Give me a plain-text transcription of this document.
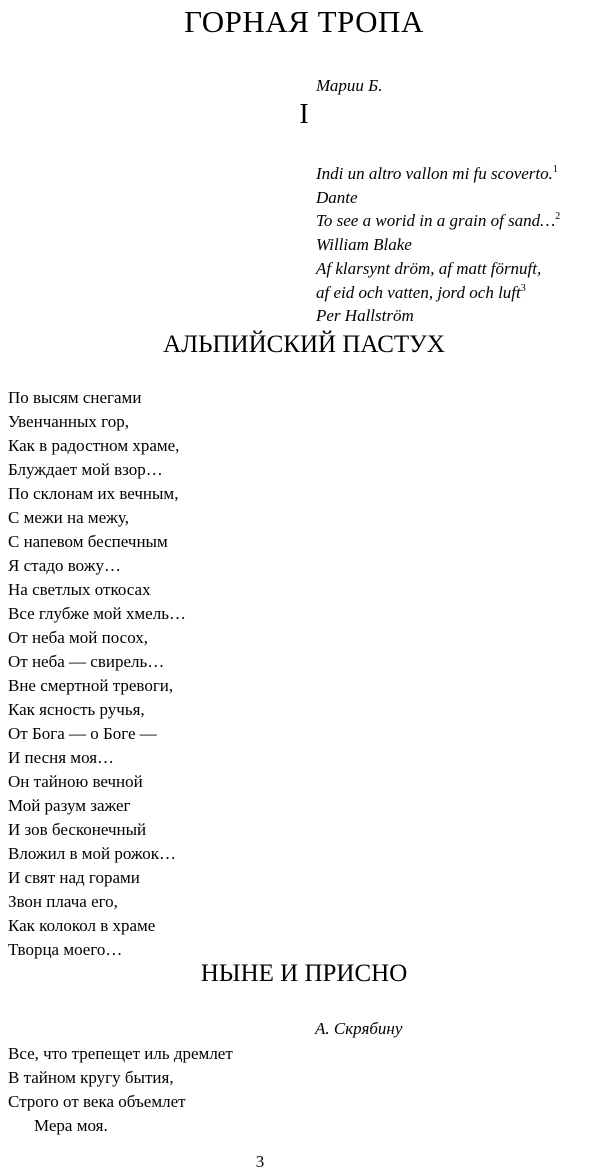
ГОРНАЯ ТРОПА
Марии Б.
I
Indi un altro vallon mi fu scoverto.$^1$
Dante
To see a worid in a grain of sand…$^2$
William Blake
Af klarsynt dröm, af matt förnuft,
af eid och vatten, jord och luft$^3$
Per Hallström
АЛЬПИЙСКИЙ ПАСТУХ
По высям снегами
Увенчанных гор,
Как в радостном храме,
Блуждает мой взор…
По склонам их вечным,
С межи на межу,
С напевом беспечным
Я стадо вожу…
На светлых откосах
Все глубже мой хмель…
От неба мой посох,
От неба — свирель…
Вне смертной тревоги,
Как ясность ручья,
От Бога — о Боге —
И песня моя…
Он тайною вечной
Мой разум зажег
И зов бесконечный
Вложил в мой рожок…
И свят над горами
Звон плача его,
Как колокол в храме
Творца моего…
НЫНЕ И ПРИСНО
А. Скрябину
Все, что трепещет иль дремлет
В тайном кругу бытия,
Строго от века объемлет
Мера моя.
3
